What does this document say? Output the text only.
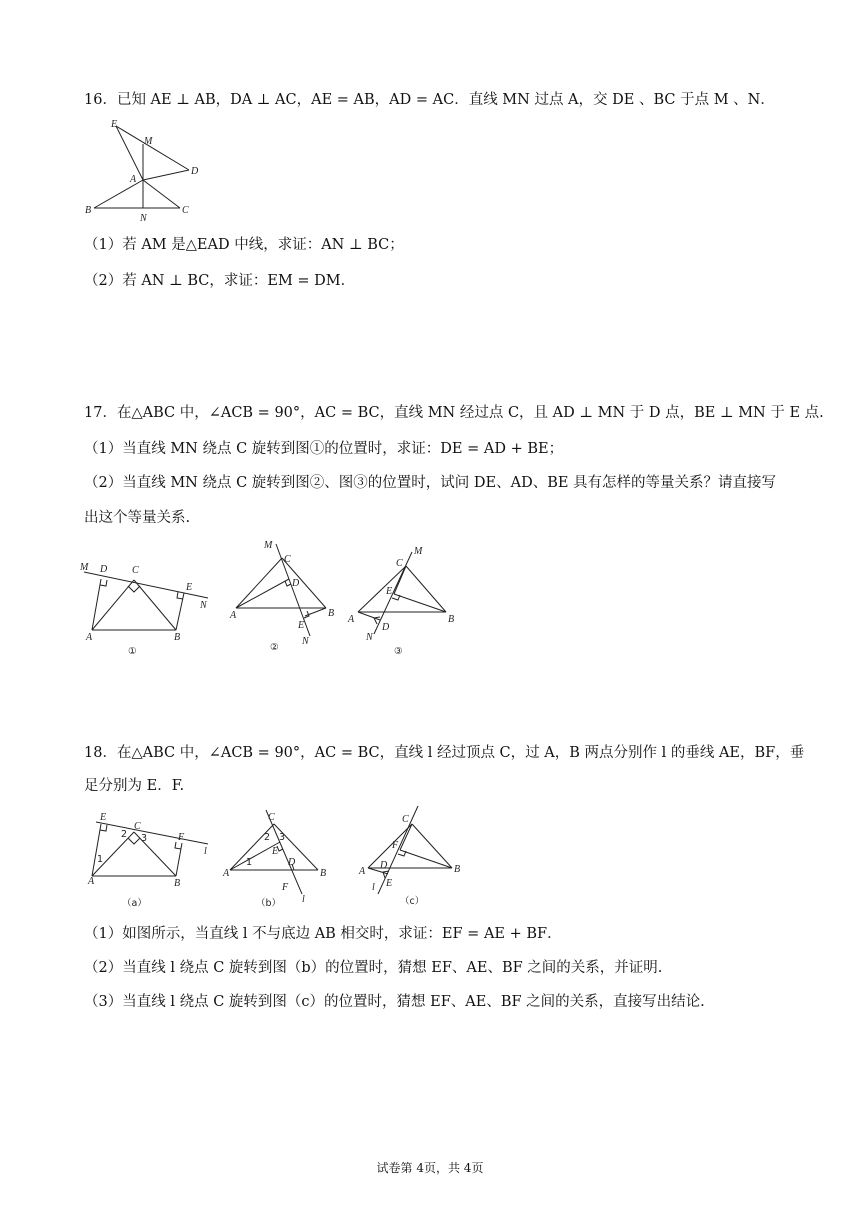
16．已知 AE ⊥ AB，DA ⊥ AC，AE = AB，AD = AC．直线 MN 过点 A，交 DE 、BC 于点 M 、N．
E
M
D
A
B
N
C
（1）若 AM 是△EAD 中线，求证：AN ⊥ BC；
（2）若 AN ⊥ BC，求证：EM = DM．
17．在△ABC 中，∠ACB = 90°，AC = BC，直线 MN 经过点 C，且 AD ⊥ MN 于 D 点，BE ⊥ MN 于 E 点.
（1）当直线 MN 绕点 C 旋转到图①的位置时，求证：DE = AD + BE；
（2）当直线 MN 绕点 C 旋转到图②、图③的位置时，试问 DE、AD、BE 具有怎样的等量关系？请直接写
出这个等量关系.
M D C
E
N
A	B
①
M
C
D
A	B
E
N
②
C
M
E
A
N
D
B
③
18．在△ABC 中，∠ACB = 90°，AC = BC，直线 l 经过顶点 C，过 A，B 两点分别作 l 的垂线 AE，BF，垂
足分别为 E．F.
E
C
F
l
A	B
1
2 3
（a）
C
2 3
E
A
D
B
F
l
1
（b）
C
F
A
D
E
B
l
（c）
（1）如图所示，当直线 l 不与底边 AB 相交时，求证：EF = AE + BF．
（2）当直线 l 绕点 C 旋转到图（b）的位置时，猜想 EF、AE、BF 之间的关系，并证明.
（3）当直线 l 绕点 C 旋转到图（c）的位置时，猜想 EF、AE、BF 之间的关系，直接写出结论.
试卷第 4页，共 4页
